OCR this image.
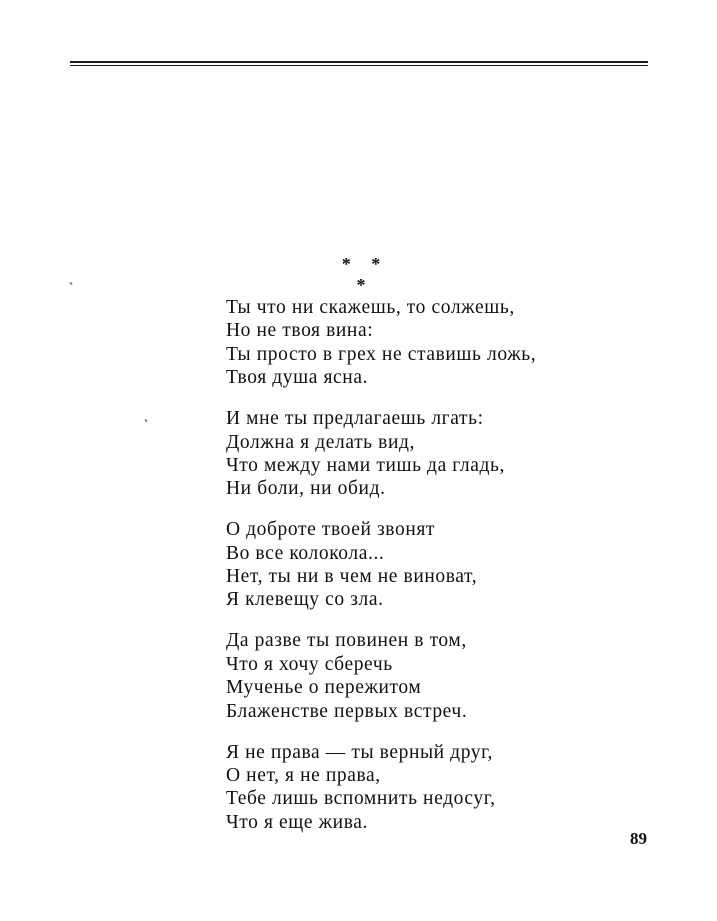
* * *
Ты что ни скажешь, то солжешь,
Но не твоя вина:
Ты просто в грех не ставишь ложь,
Твоя душа ясна.
И мне ты предлагаешь лгать:
Должна я делать вид,
Что между нами тишь да гладь,
Ни боли, ни обид.
О доброте твоей звонят
Во все колокола...
Нет, ты ни в чем не виноват,
Я клевещу со зла.
Да разве ты повинен в том,
Что я хочу сберечь
Мученье о пережитом
Блаженстве первых встреч.
Я не права — ты верный друг,
О нет, я не права,
Тебе лишь вспомнить недосуг,
Что я еще жива.
89
